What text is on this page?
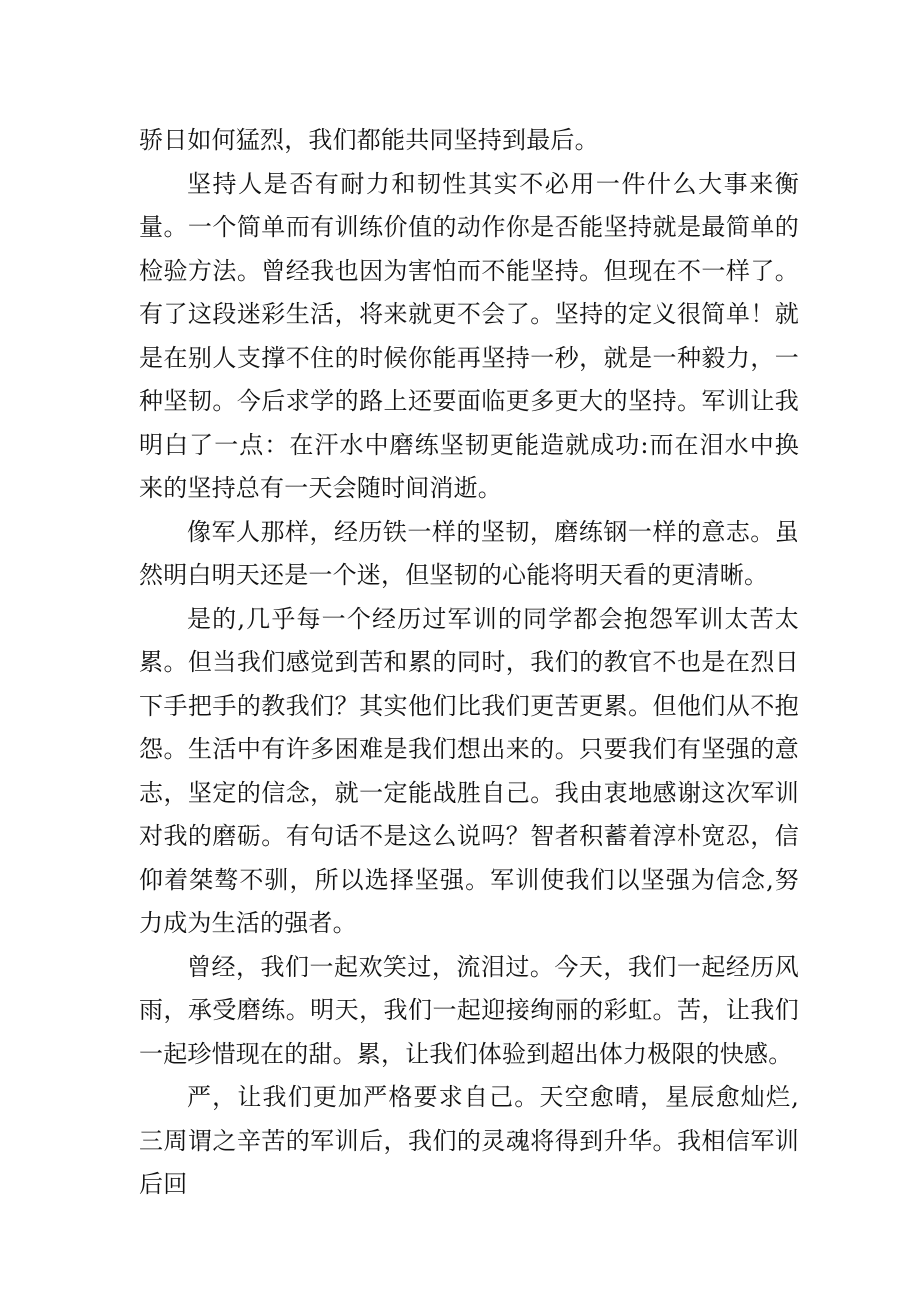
骄日如何猛烈，我们都能共同坚持到最后。

坚持人是否有耐力和韧性其实不必用一件什么大事来衡量。一个简单而有训练价值的动作你是否能坚持就是最简单的检验方法。曾经我也因为害怕而不能坚持。但现在不一样了。有了这段迷彩生活，将来就更不会了。坚持的定义很简单！就是在别人支撑不住的时候你能再坚持一秒，就是一种毅力，一种坚韧。今后求学的路上还要面临更多更大的坚持。军训让我明白了一点：在汗水中磨练坚韧更能造就成功:而在泪水中换来的坚持总有一天会随时间消逝。

像军人那样，经历铁一样的坚韧，磨练钢一样的意志。虽然明白明天还是一个迷，但坚韧的心能将明天看的更清晰。

是的,几乎每一个经历过军训的同学都会抱怨军训太苦太累。但当我们感觉到苦和累的同时，我们的教官不也是在烈日下手把手的教我们？其实他们比我们更苦更累。但他们从不抱怨。生活中有许多困难是我们想出来的。只要我们有坚强的意志，坚定的信念，就一定能战胜自己。我由衷地感谢这次军训对我的磨砺。有句话不是这么说吗？智者积蓄着淳朴宽忍，信仰着桀骜不驯，所以选择坚强。军训使我们以坚强为信念,努力成为生活的强者。

曾经，我们一起欢笑过，流泪过。今天，我们一起经历风雨，承受磨练。明天，我们一起迎接绚丽的彩虹。苦，让我们一起珍惜现在的甜。累，让我们体验到超出体力极限的快感。

严，让我们更加严格要求自己。天空愈晴，星辰愈灿烂,三周谓之辛苦的军训后，我们的灵魂将得到升华。我相信军训后回
